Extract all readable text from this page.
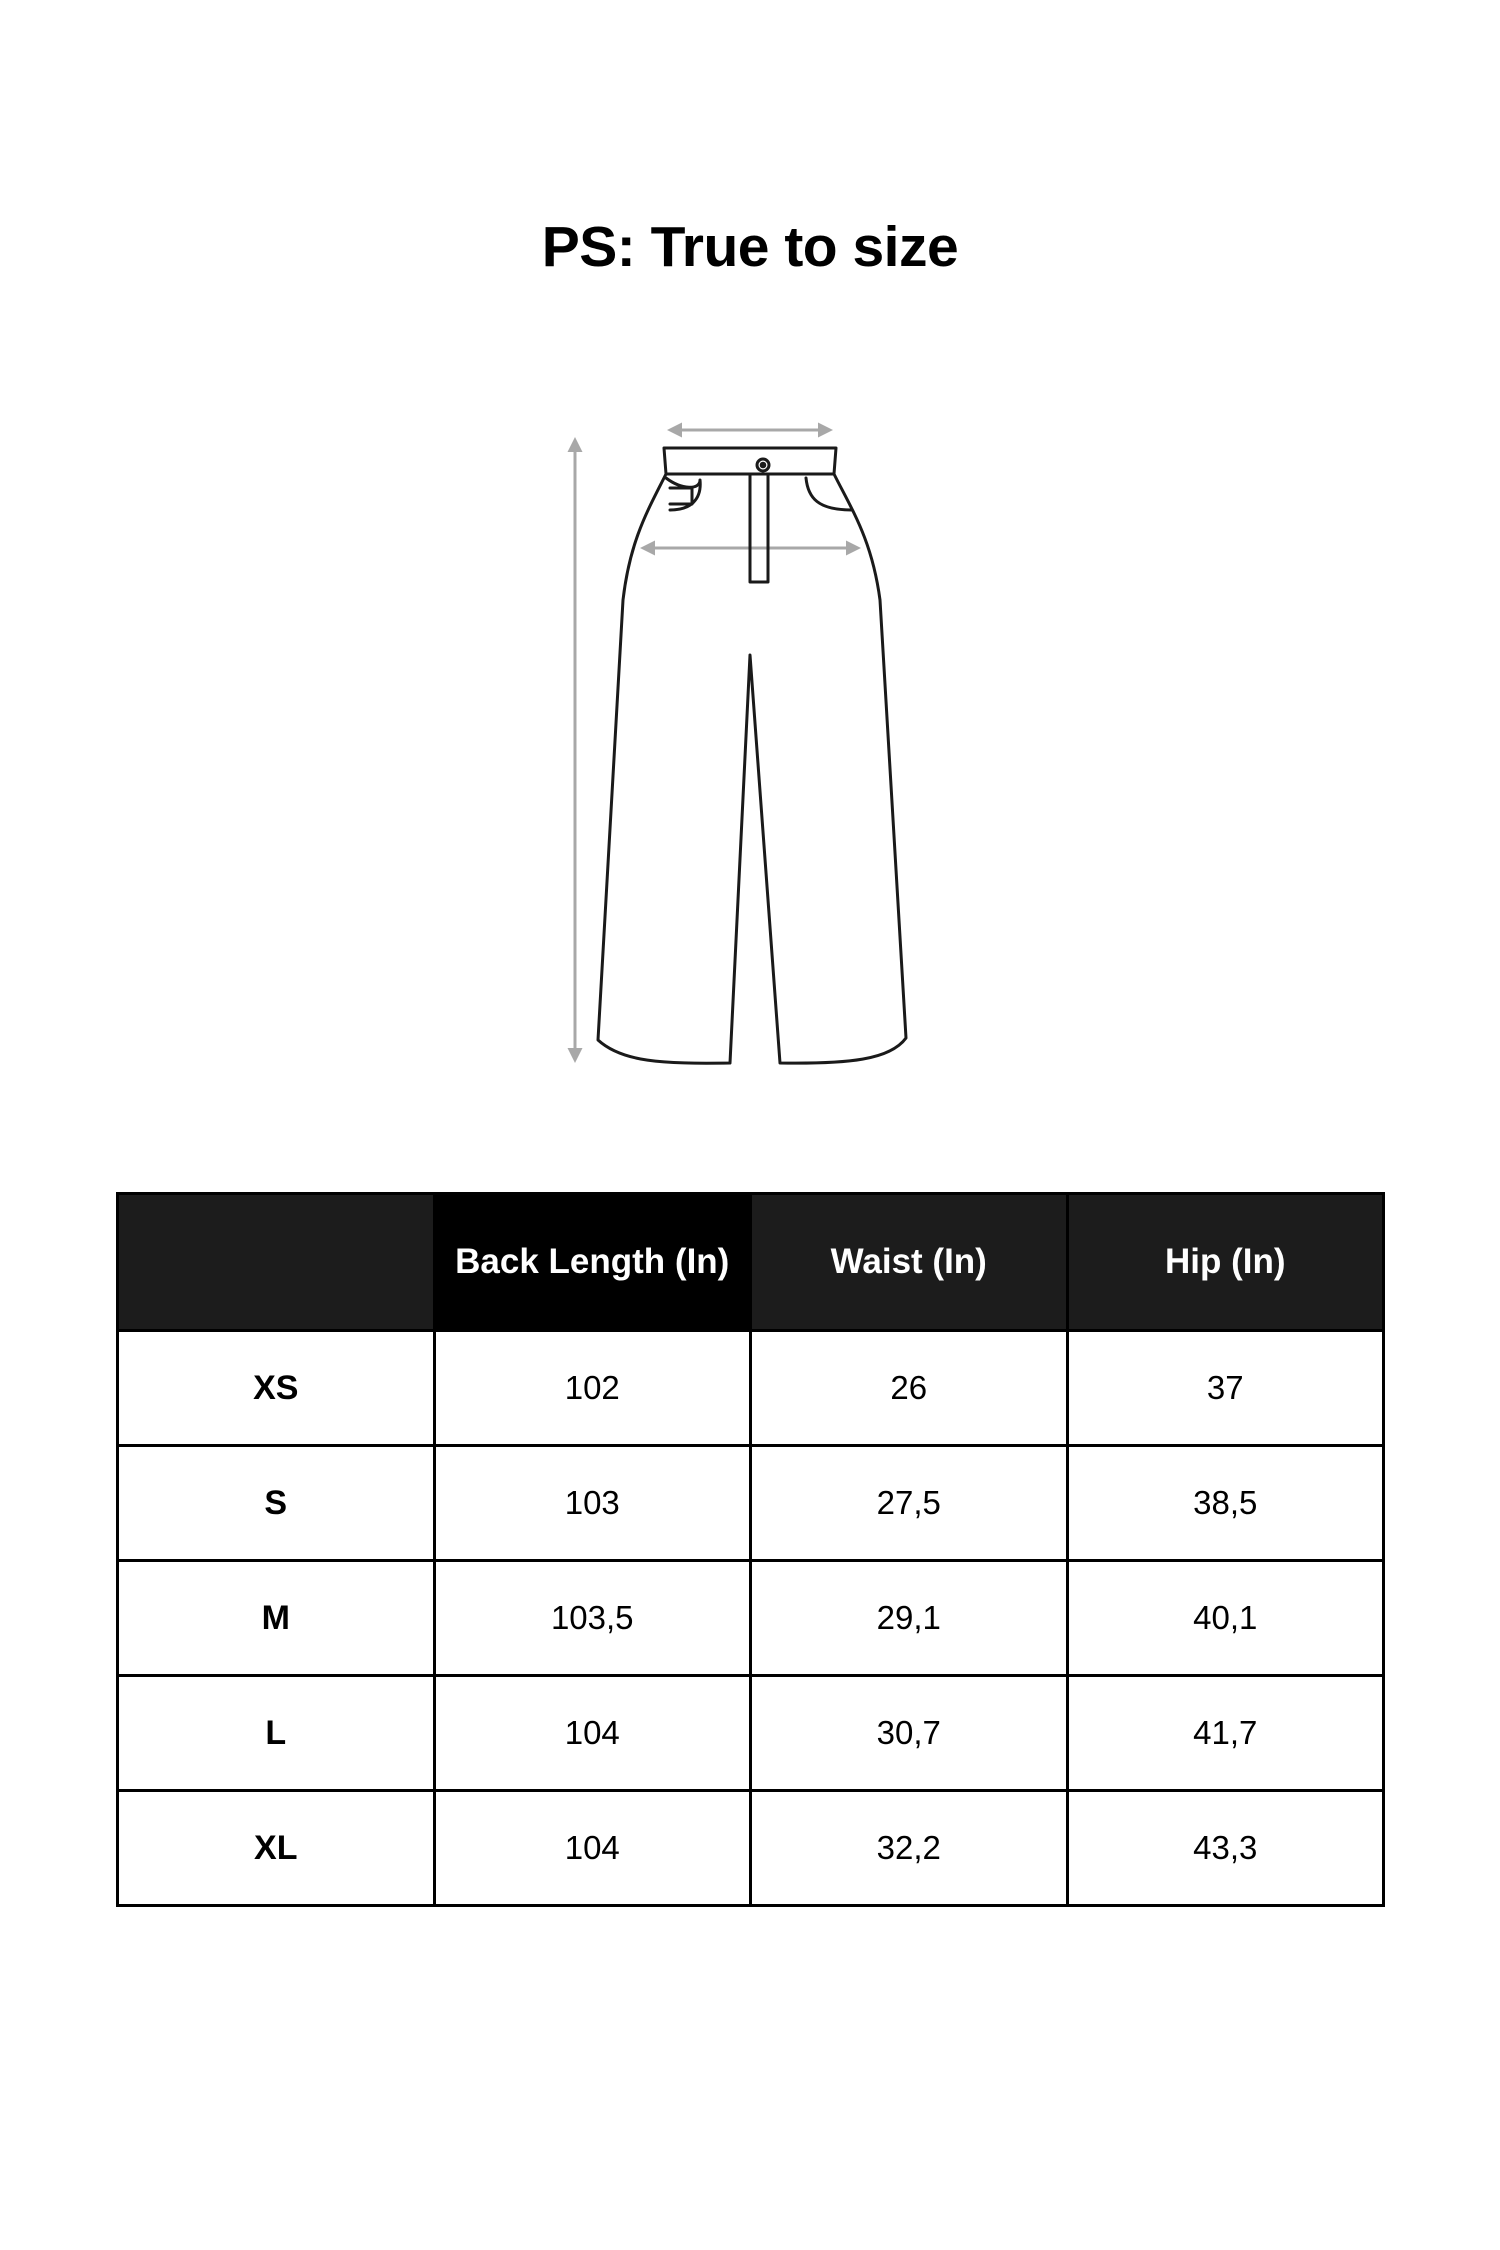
PS: True to size
	Back Length (In)	Waist (In)	Hip (In)
XS	102	26	37
S	103	27,5	38,5
M	103,5	29,1	40,1
L	104	30,7	41,7
XL	104	32,2	43,3
